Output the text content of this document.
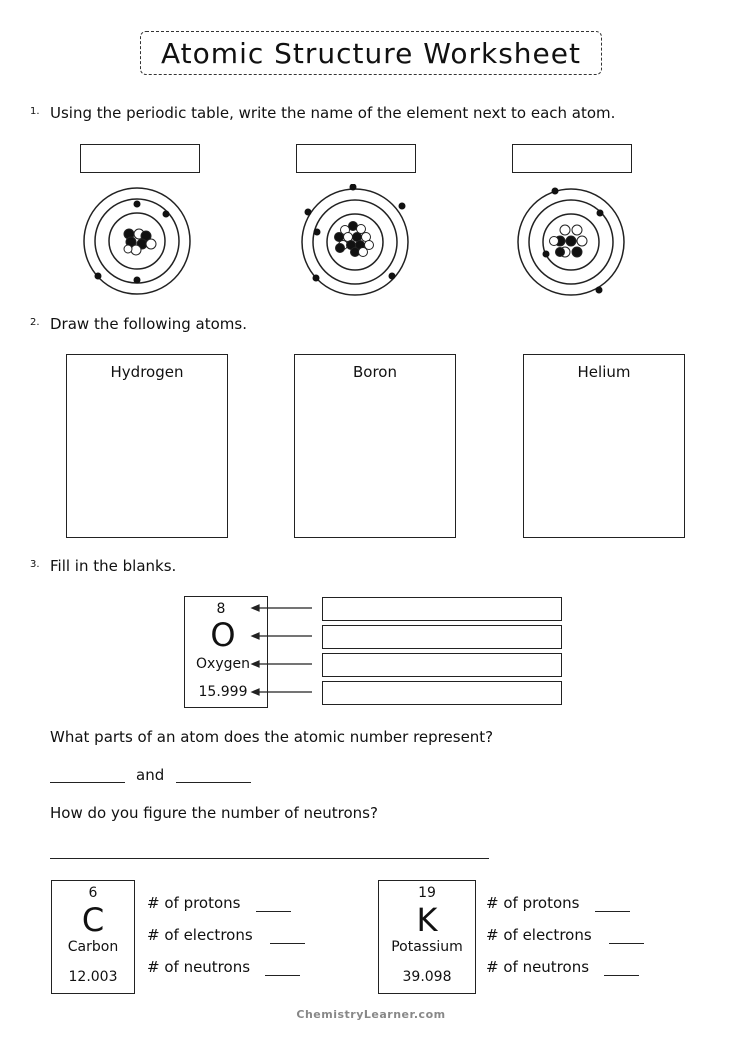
Atomic Structure Worksheet
1. Using the periodic table, write the name of the element next to each atom.
2. Draw the following atoms.
Hydrogen	Boron	Helium
3. Fill in the blanks.
8
O
Oxygen
15.999
What parts of an atom does the atomic number represent?
and
How do you figure the number of neutrons?
6
C
Carbon
12.003
# of protons
# of electrons
# of neutrons
19
K
Potassium
39.098
# of protons
# of electrons
# of neutrons
ChemistryLearner.com
